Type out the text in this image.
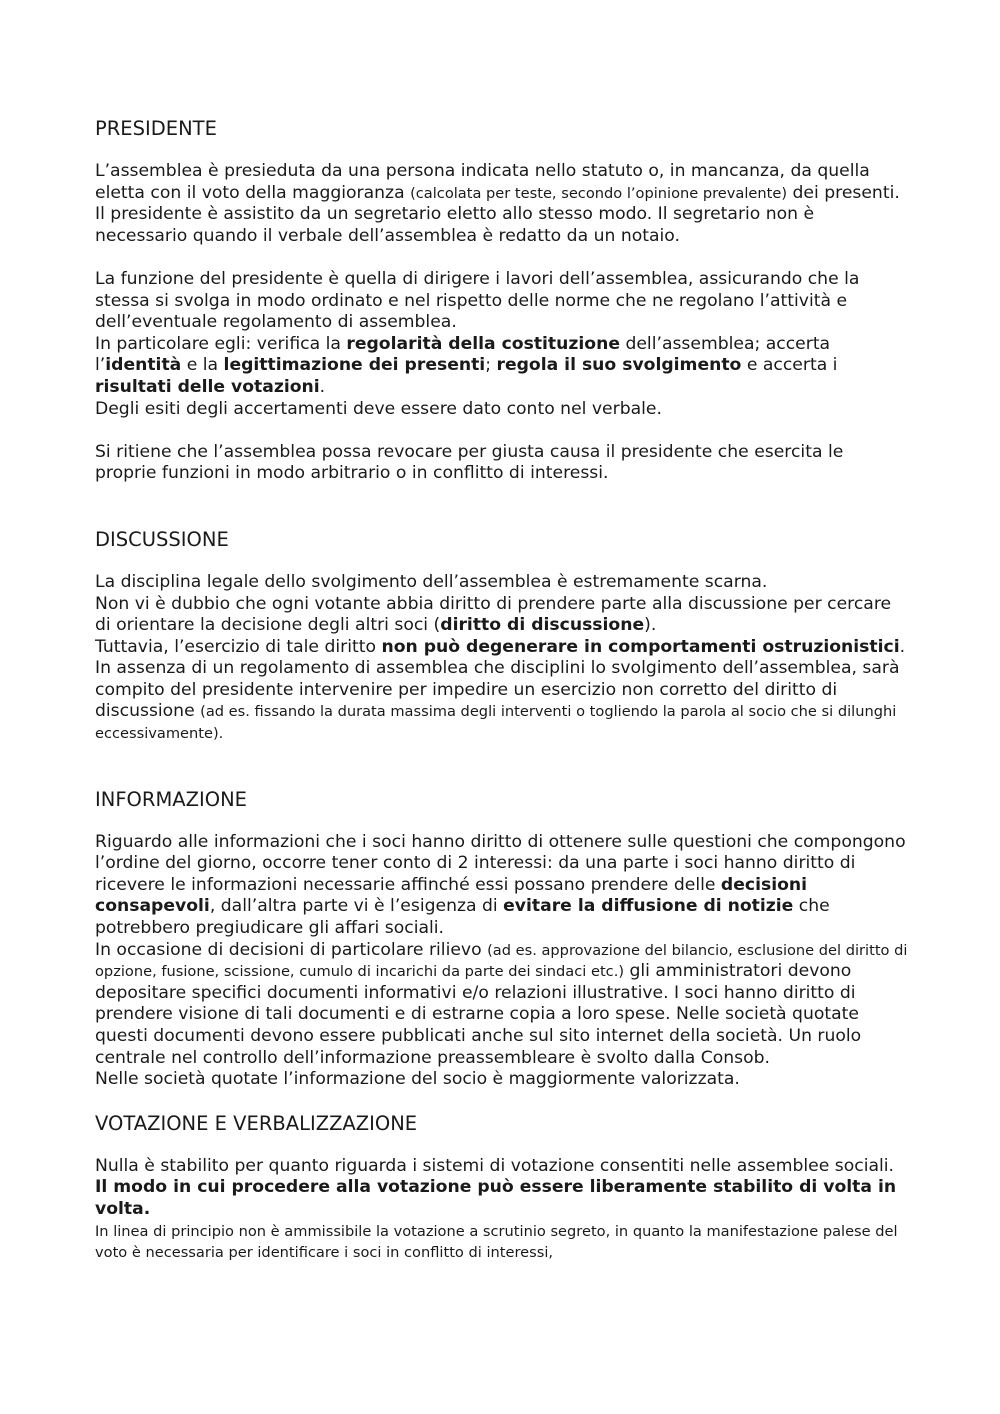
PRESIDENTE

L’assemblea è presieduta da una persona indicata nello statuto o, in mancanza, da quella eletta con il voto della maggioranza (calcolata per teste, secondo l’opinione prevalente) dei presenti.

Il presidente è assistito da un segretario eletto allo stesso modo. Il segretario non è necessario quando il verbale dell’assemblea è redatto da un notaio.

La funzione del presidente è quella di dirigere i lavori dell’assemblea, assicurando che la stessa si svolga in modo ordinato e nel rispetto delle norme che ne regolano l’attività e dell’eventuale regolamento di assemblea.

In particolare egli: verifica la regolarità della costituzione dell’assemblea; accerta l’identità e la legittimazione dei presenti; regola il suo svolgimento e accerta i risultati delle votazioni.

Degli esiti degli accertamenti deve essere dato conto nel verbale.

Si ritiene che l’assemblea possa revocare per giusta causa il presidente che esercita le proprie funzioni in modo arbitrario o in conflitto di interessi.

DISCUSSIONE

La disciplina legale dello svolgimento dell’assemblea è estremamente scarna.

Non vi è dubbio che ogni votante abbia diritto di prendere parte alla discussione per cercare di orientare la decisione degli altri soci (diritto di discussione).

Tuttavia, l’esercizio di tale diritto non può degenerare in comportamenti ostruzionistici. In assenza di un regolamento di assemblea che disciplini lo svolgimento dell’assemblea, sarà compito del presidente intervenire per impedire un esercizio non corretto del diritto di discussione (ad es. fissando la durata massima degli interventi o togliendo la parola al socio che si dilunghi eccessivamente).

INFORMAZIONE

Riguardo alle informazioni che i soci hanno diritto di ottenere sulle questioni che compongono l’ordine del giorno, occorre tener conto di 2 interessi: da una parte i soci hanno diritto di ricevere le informazioni necessarie affinché essi possano prendere delle decisioni consapevoli, dall’altra parte vi è l’esigenza di evitare la diffusione di notizie che potrebbero pregiudicare gli affari sociali.

In occasione di decisioni di particolare rilievo (ad es. approvazione del bilancio, esclusione del diritto di opzione, fusione, scissione, cumulo di incarichi da parte dei sindaci etc.) gli amministratori devono depositare specifici documenti informativi e/o relazioni illustrative. I soci hanno diritto di prendere visione di tali documenti e di estrarne copia a loro spese. Nelle società quotate questi documenti devono essere pubblicati anche sul sito internet della società. Un ruolo centrale nel controllo dell’informazione preassembleare è svolto dalla Consob.

Nelle società quotate l’informazione del socio è maggiormente valorizzata.

VOTAZIONE E VERBALIZZAZIONE

Nulla è stabilito per quanto riguarda i sistemi di votazione consentiti nelle assemblee sociali. Il modo in cui procedere alla votazione può essere liberamente stabilito di volta in volta.

In linea di principio non è ammissibile la votazione a scrutinio segreto, in quanto la manifestazione palese del voto è necessaria per identificare i soci in conflitto di interessi,
